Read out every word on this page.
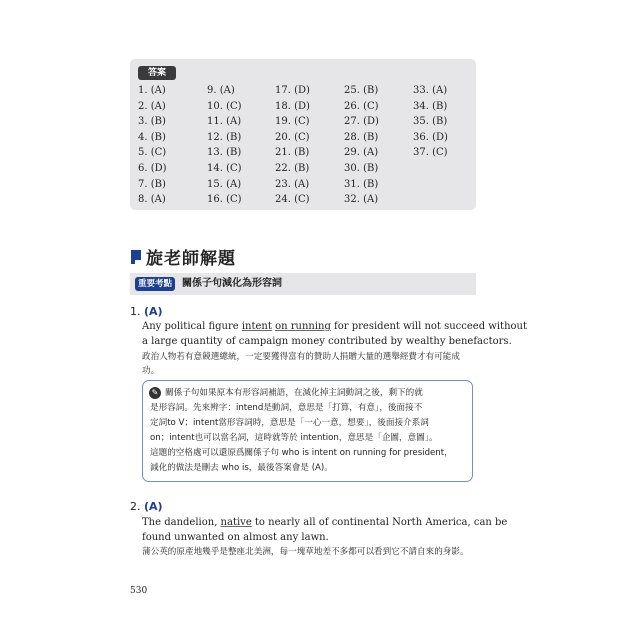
答案
1. (A)
2. (A)
3. (B)
4. (B)
5. (C)
6. (D)
7. (B)
8. (A)
9. (A)
10. (C)
11. (A)
12. (B)
13. (B)
14. (C)
15. (A)
16. (C)
17. (D)
18. (D)
19. (C)
20. (C)
21. (B)
22. (B)
23. (A)
24. (C)
25. (B)
26. (C)
27. (D)
28. (B)
29. (A)
30. (B)
31. (B)
32. (A)
33. (A)
34. (B)
35. (B)
36. (D)
37. (C)
旋老師解題
重要考點	關係子句減化為形容詞
1. (A)
Any political figure intent on running for president will not succeed without
a large quantity of campaign money contributed by wealthy benefactors.
政治人物若有意競選總統，一定要獲得富有的贊助人捐贈大量的選舉經費才有可能成
功。
✎ 關係子句如果原本有形容詞補語，在減化掉主詞動詞之後，剩下的就
是形容詞。先來辨字：intend是動詞，意思是「打算，有意」，後面接不
定詞to V；intent當形容詞時，意思是「一心一意，想要」，後面接介系詞
on；intent也可以當名詞，這時就等於 intention，意思是「企圖，意圖」。
這題的空格處可以還原爲關係子句 who is intent on running for president，
減化的做法是刪去 who is，最後答案會是 (A)。
2. (A)
The dandelion, native to nearly all of continental North America, can be
found unwanted on almost any lawn.
蒲公英的原產地幾乎是整座北美洲，每一塊草地差不多都可以看到它不請自來的身影。
530
